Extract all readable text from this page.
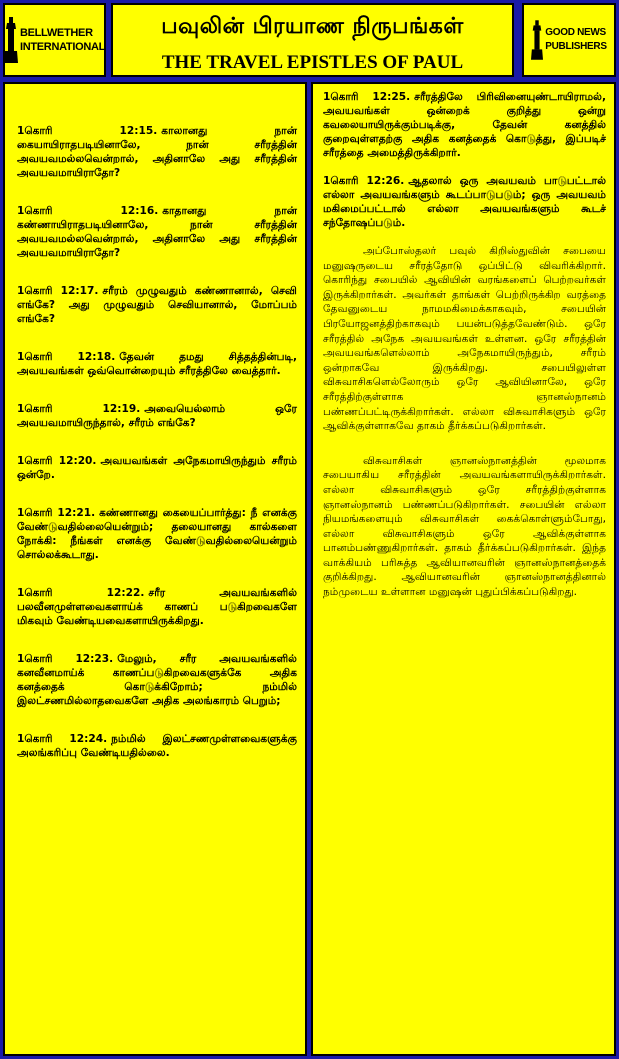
BELLWETHER
INTERNATIONAL
பவுலின் பிரயாண நிருபங்கள்
THE TRAVEL EPISTLES OF PAUL
GOOD NEWS
PUBLISHERS

1கொரி 12:15. காலானது நான் கையாயிராதபடியினாலே, நான் சரீரத்தின் அவயவமல்லவென்றால், அதினாலே அது சரீரத்தின் அவயவமாயிராதோ?

1கொரி 12:16. காதானது நான் கண்ணாயிராதபடியினாலே, நான் சரீரத்தின் அவயவமல்லவென்றால், அதினாலே அது சரீரத்தின் அவயவமாயிராதோ?

1கொரி 12:17. சரீரம் முழுவதும் கண்ணானால், செவி எங்கே? அது முழுவதும் செவியானால், மோப்பம் எங்கே?

1கொரி 12:18. தேவன் தமது சித்தத்தின்படி, அவயவங்கள் ஒவ்வொன்றையும் சரீரத்திலே வைத்தார்.

1கொரி 12:19. அவையெல்லாம் ஒரே அவயவமாயிருந்தால், சரீரம் எங்கே?

1கொரி 12:20. அவயவங்கள் அநேகமாயிருந்தும் சரீரம் ஒன்றே.

1கொரி 12:21. கண்ணானது கையைப்பார்த்து: நீ எனக்கு வேண்டுவதில்லையென்றும்; தலையானது கால்களை நோக்கி: நீங்கள் எனக்கு வேண்டுவதில்லையென்றும் சொல்லக்கூடாது.

1கொரி 12:22. சரீர அவயவங்களில் பலவீனமுள்ளவைகளாய்க் காணப் படுகிறவைகளே மிகவும் வேண்டியவைகளாயிருக்கிறது.

1கொரி 12:23. மேலும், சரீர அவயவங்களில் கனவீனமாய்க் காணப்படுகிறவைகளுக்கே அதிக கனத்தைக் கொடுக்கிறோம்; நம்மில் இலட்சணமில்லாதவைகளே அதிக அலங்காரம் பெறும்;

1கொரி 12:24. நம்மில் இலட்சணமுள்ளவைகளுக்கு அலங்கரிப்பு வேண்டியதில்லை.

1கொரி 12:25. சரீரத்திலே பிரிவினையுண்டாயிராமல், அவயவங்கள் ஒன்றைக் குறித்து ஒன்று கவலையாயிருக்கும்படிக்கு, தேவன் கனத்தில் குறைவுள்ளதற்கு அதிக கனத்தைக் கொடுத்து, இப்படிச் சரீரத்தை அமைத்திருக்கிறார்.

1கொரி 12:26. ஆதலால் ஒரு அவயவம் பாடுபட்டால் எல்லா அவயவங்களும் கூடப்பாடுபடும்; ஒரு அவயவம் மகிமைப்பட்டால் எல்லா அவயவங்களும் கூடச் சந்தோஷப்படும்.

அப்போஸ்தலர் பவுல் கிறிஸ்துவின் சபையை மனுஷருடைய சரீரத்தோடு ஒப்பிட்டு விவரிக்கிறார். கொரிந்து சபையில் ஆவியின் வரங்களைப் பெற்றவர்கள் இருக்கிறார்கள். அவர்கள் தாங்கள் பெற்றிருக்கிற வரத்தை தேவனுடைய நாமமகிமைக்காகவும், சபையின் பிரயோஜனத்திற்காகவும் பயன்படுத்தவேண்டும். ஒரே சரீரத்தில் அநேக அவயவங்கள் உள்ளன. ஒரே சரீரத்தின் அவயவங்களெல்லாம் அநேகமாயிருந்தும், சரீரம் ஒன்றாகவே இருக்கிறது. சபையிலுள்ள விசுவாசிகளெல்லோரும் ஒரே ஆவியினாலே, ஒரே சரீரத்திற்குள்ளாக ஞானஸ்நானம் பண்ணப்பட்டிருக்கிறார்கள். எல்லா விசுவாசிகளும் ஒரே ஆவிக்குள்ளாகவே தாகம் தீர்க்கப்படுகிறார்கள்.

விசுவாசிகள் ஞானஸ்நானத்தின் மூலமாக சபையாகிய சரீரத்தின் அவயவங்களாயிருக்கிறார்கள். எல்லா விசுவாசிகளும் ஒரே சரீரத்திற்குள்ளாக ஞானஸ்நானம் பண்ணப்படுகிறார்கள். சபையின் எல்லா நியமங்களையும் விசுவாசிகள் கைக்கொள்ளும்போது, எல்லா விசுவாசிகளும் ஒரே ஆவிக்குள்ளாக பானம்பண்ணுகிறார்கள். தாகம் தீர்க்கப்படுகிறார்கள். இந்த வாக்கியம் பரிசுத்த ஆவியானவரின் ஞானஸ்நானத்தைக் குறிக்கிறது. ஆவியானவரின் ஞானஸ்நானத்தினால் நம்முடைய உள்ளான மனுஷன் புதுப்பிக்கப்படுகிறது.
